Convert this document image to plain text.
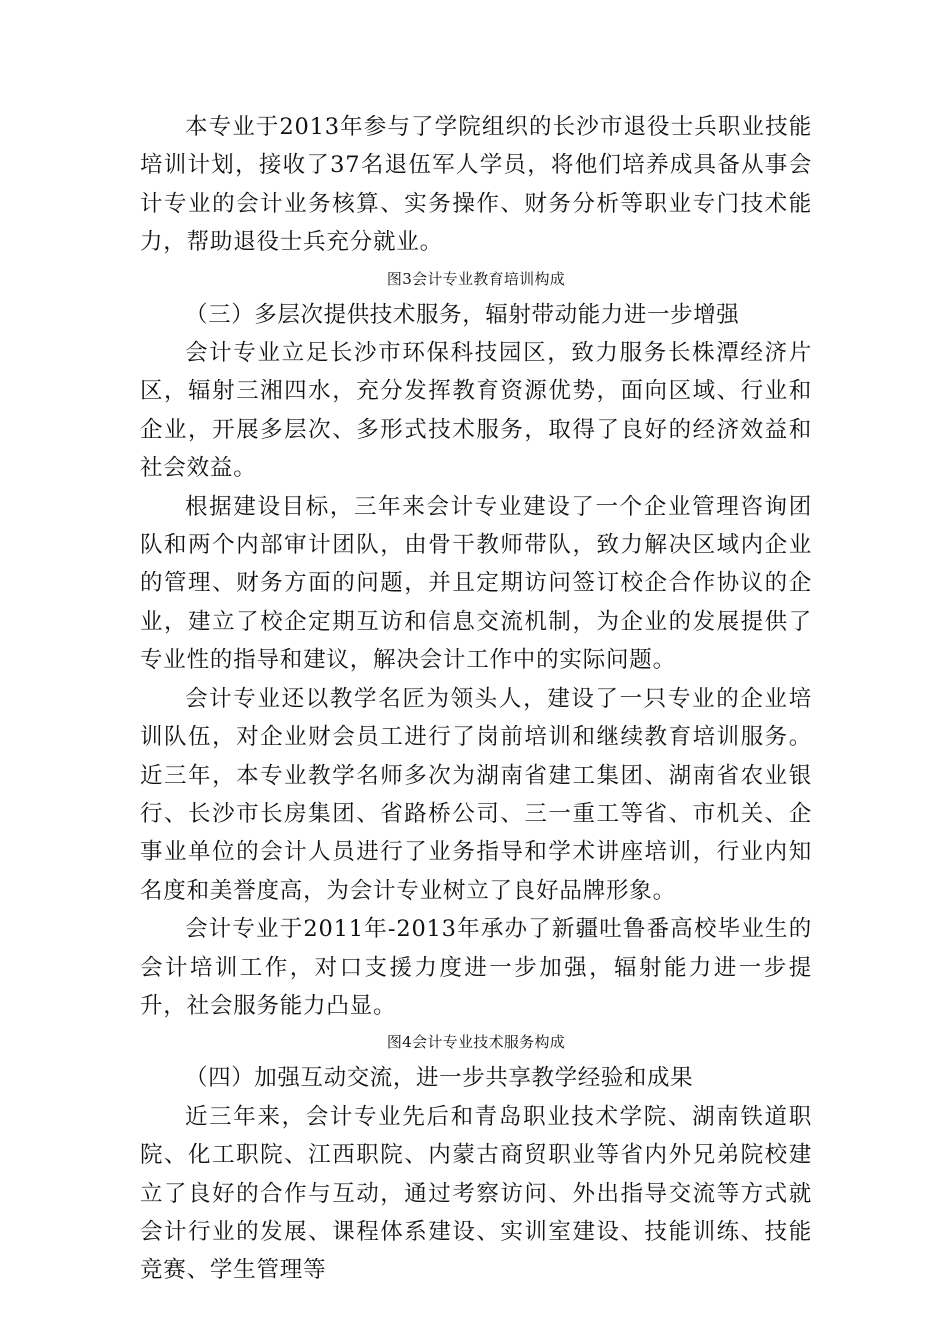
本专业于2013年参与了学院组织的长沙市退役士兵职业技能培训计划，接收了37名退伍军人学员，将他们培养成具备从事会计专业的会计业务核算、实务操作、财务分析等职业专门技术能力，帮助退役士兵充分就业。

图3会计专业教育培训构成

（三）多层次提供技术服务，辐射带动能力进一步增强

会计专业立足长沙市环保科技园区，致力服务长株潭经济片区，辐射三湘四水，充分发挥教育资源优势，面向区域、行业和企业，开展多层次、多形式技术服务，取得了良好的经济效益和社会效益。

根据建设目标，三年来会计专业建设了一个企业管理咨询团队和两个内部审计团队，由骨干教师带队，致力解决区域内企业的管理、财务方面的问题，并且定期访问签订校企合作协议的企业，建立了校企定期互访和信息交流机制，为企业的发展提供了专业性的指导和建议，解决会计工作中的实际问题。

会计专业还以教学名匠为领头人，建设了一只专业的企业培训队伍，对企业财会员工进行了岗前培训和继续教育培训服务。近三年，本专业教学名师多次为湖南省建工集团、湖南省农业银行、长沙市长房集团、省路桥公司、三一重工等省、市机关、企事业单位的会计人员进行了业务指导和学术讲座培训，行业内知名度和美誉度高，为会计专业树立了良好品牌形象。

会计专业于2011年-2013年承办了新疆吐鲁番高校毕业生的会计培训工作，对口支援力度进一步加强，辐射能力进一步提升，社会服务能力凸显。

图4会计专业技术服务构成

（四）加强互动交流，进一步共享教学经验和成果

近三年来，会计专业先后和青岛职业技术学院、湖南铁道职院、化工职院、江西职院、内蒙古商贸职业等省内外兄弟院校建立了良好的合作与互动，通过考察访问、外出指导交流等方式就会计行业的发展、课程体系建设、实训室建设、技能训练、技能竞赛、学生管理等
